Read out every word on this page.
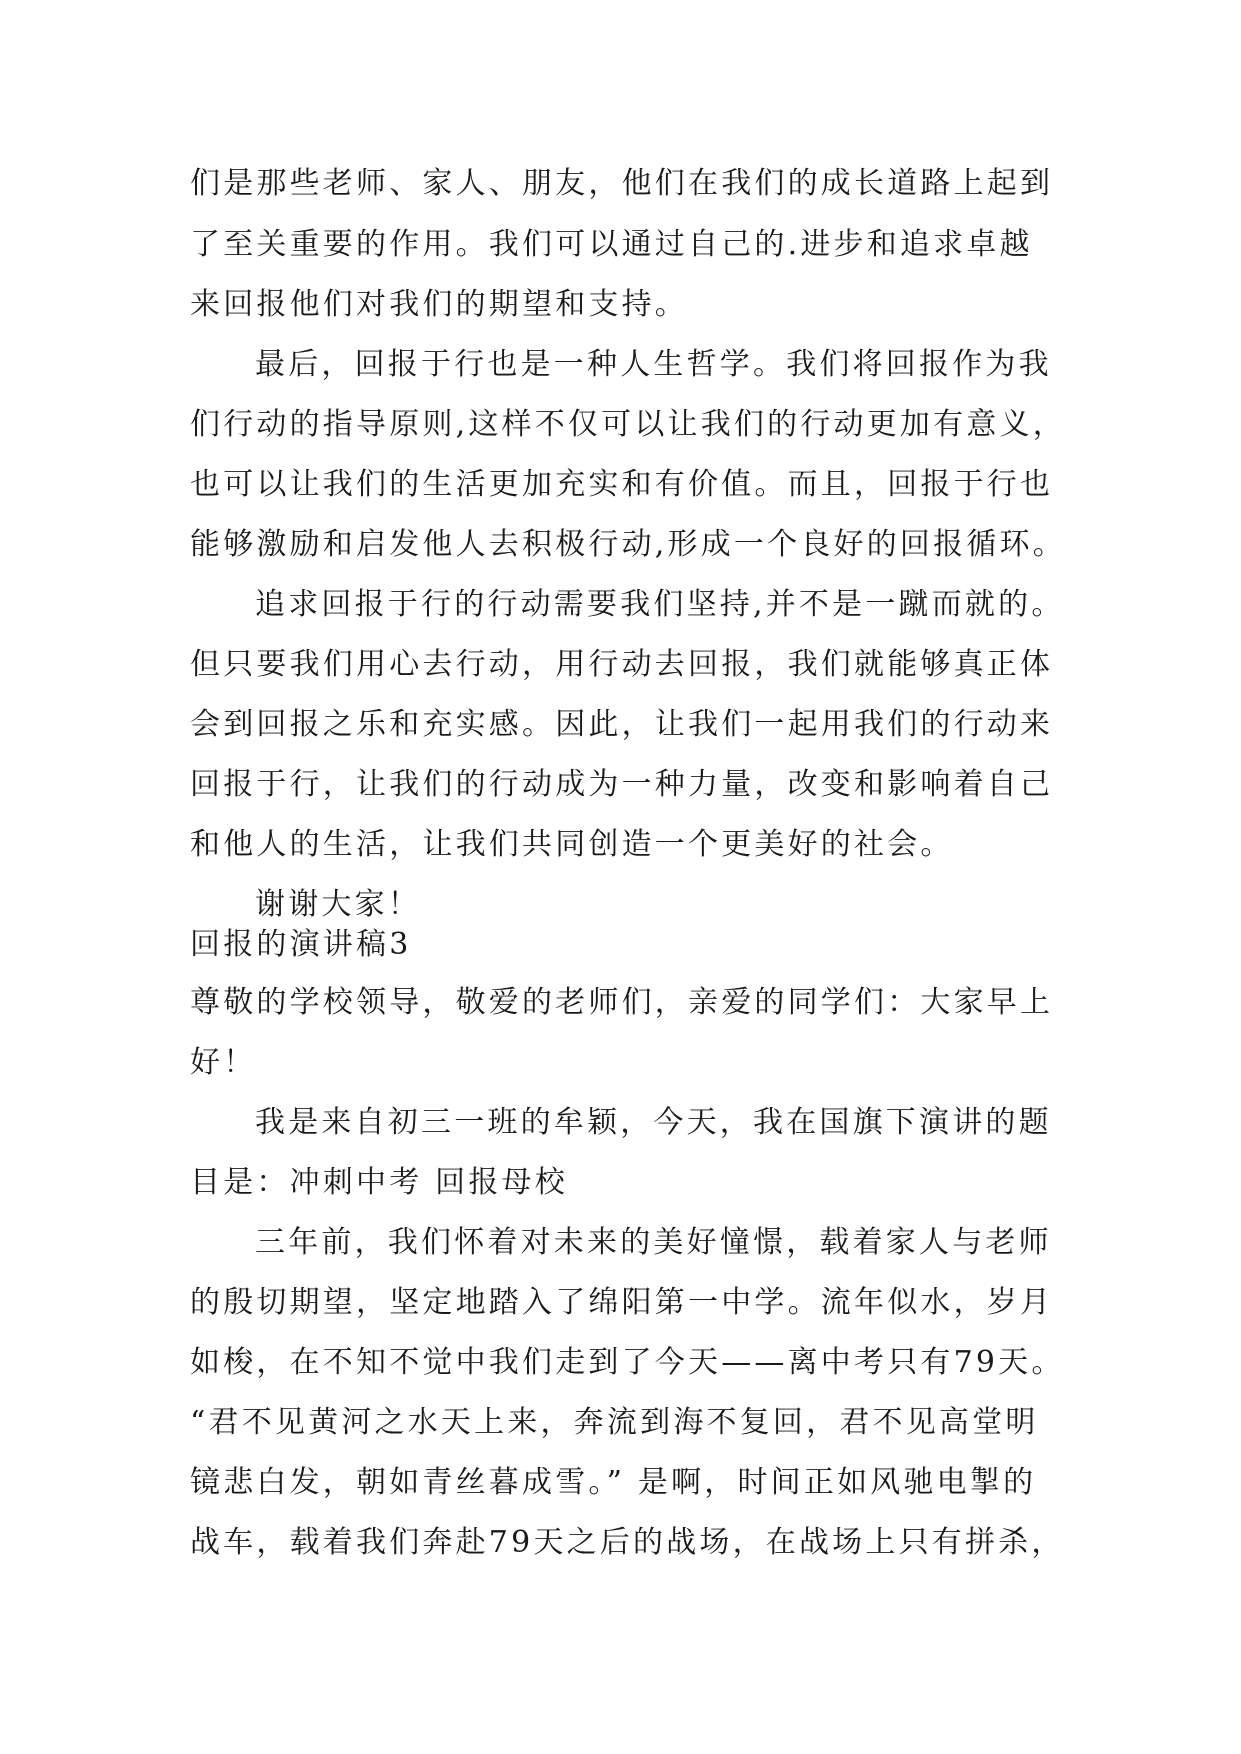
们是那些老师、家人、朋友，他们在我们的成长道路上起到
了至关重要的作用。我们可以通过自己的.进步和追求卓越
来回报他们对我们的期望和支持。
最后，回报于行也是一种人生哲学。我们将回报作为我
们行动的指导原则,这样不仅可以让我们的行动更加有意义，
也可以让我们的生活更加充实和有价值。而且，回报于行也
能够激励和启发他人去积极行动,形成一个良好的回报循环。
追求回报于行的行动需要我们坚持,并不是一蹴而就的。
但只要我们用心去行动，用行动去回报，我们就能够真正体
会到回报之乐和充实感。因此，让我们一起用我们的行动来
回报于行，让我们的行动成为一种力量，改变和影响着自己
和他人的生活，让我们共同创造一个更美好的社会。
谢谢大家！
回报的演讲稿3
尊敬的学校领导，敬爱的老师们，亲爱的同学们：大家早上
好！
我是来自初三一班的牟颖，今天，我在国旗下演讲的题
目是：冲刺中考 回报母校
三年前，我们怀着对未来的美好憧憬，载着家人与老师
的殷切期望，坚定地踏入了绵阳第一中学。流年似水，岁月
如梭，在不知不觉中我们走到了今天——离中考只有79天。
“君不见黄河之水天上来，奔流到海不复回，君不见高堂明
镜悲白发，朝如青丝暮成雪。” 是啊，时间正如风驰电掣的
战车，载着我们奔赴79天之后的战场，在战场上只有拼杀，
